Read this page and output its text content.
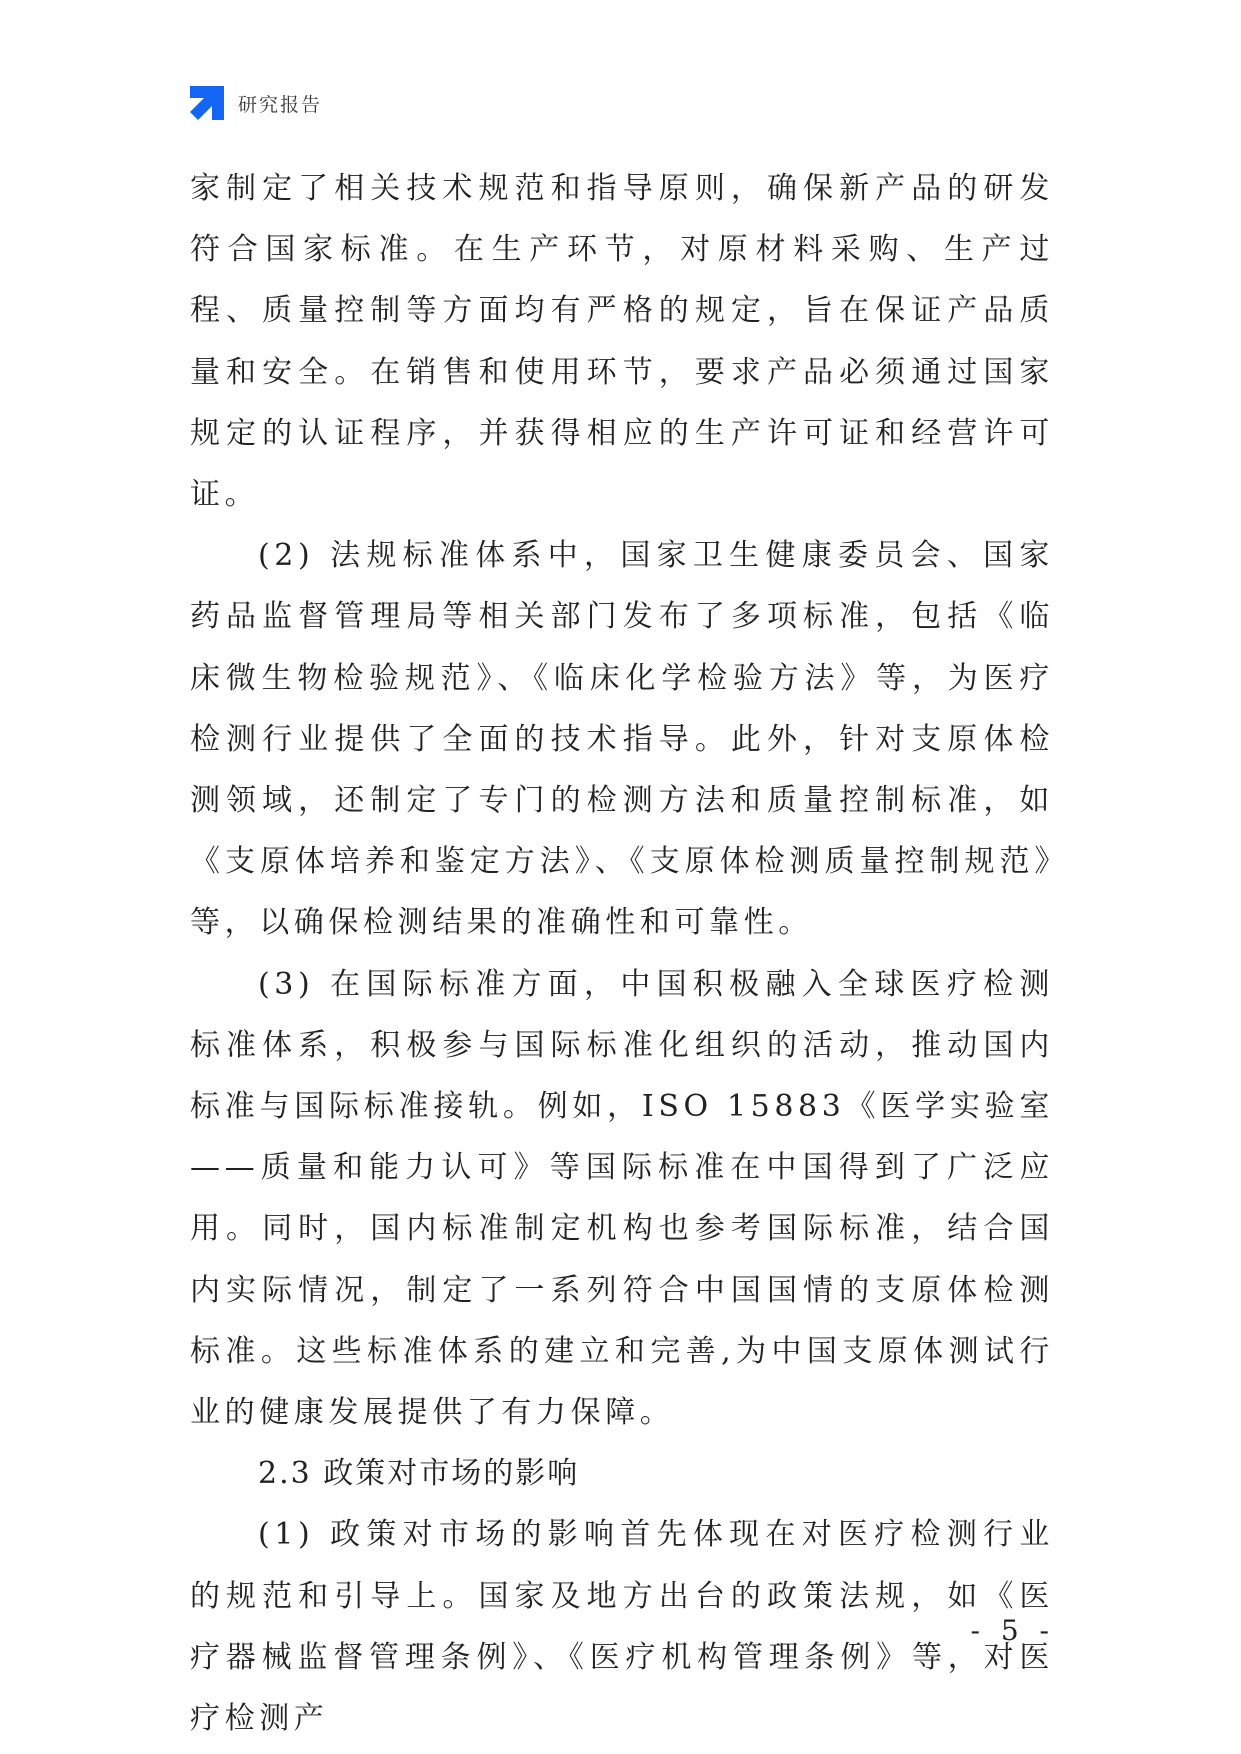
研究报告

家制定了相关技术规范和指导原则，确保新产品的研发符合国家标准。在生产环节，对原材料采购、生产过程、质量控制等方面均有严格的规定，旨在保证产品质量和安全。在销售和使用环节，要求产品必须通过国家规定的认证程序，并获得相应的生产许可证和经营许可证。

(2) 法规标准体系中，国家卫生健康委员会、国家药品监督管理局等相关部门发布了多项标准，包括《临床微生物检验规范》、《临床化学检验方法》等，为医疗检测行业提供了全面的技术指导。此外，针对支原体检测领域，还制定了专门的检测方法和质量控制标准，如《支原体培养和鉴定方法》、《支原体检测质量控制规范》等，以确保检测结果的准确性和可靠性。

(3) 在国际标准方面，中国积极融入全球医疗检测标准体系，积极参与国际标准化组织的活动，推动国内标准与国际标准接轨。例如，ISO 15883《医学实验室——质量和能力认可》等国际标准在中国得到了广泛应用。同时，国内标准制定机构也参考国际标准，结合国内实际情况，制定了一系列符合中国国情的支原体检测标准。这些标准体系的建立和完善,为中国支原体测试行业的健康发展提供了有力保障。

2.3 政策对市场的影响

(1) 政策对市场的影响首先体现在对医疗检测行业的规范和引导上。国家及地方出台的政策法规，如《医疗器械监督管理条例》、《医疗机构管理条例》等，对医疗检测产

- 5 -
